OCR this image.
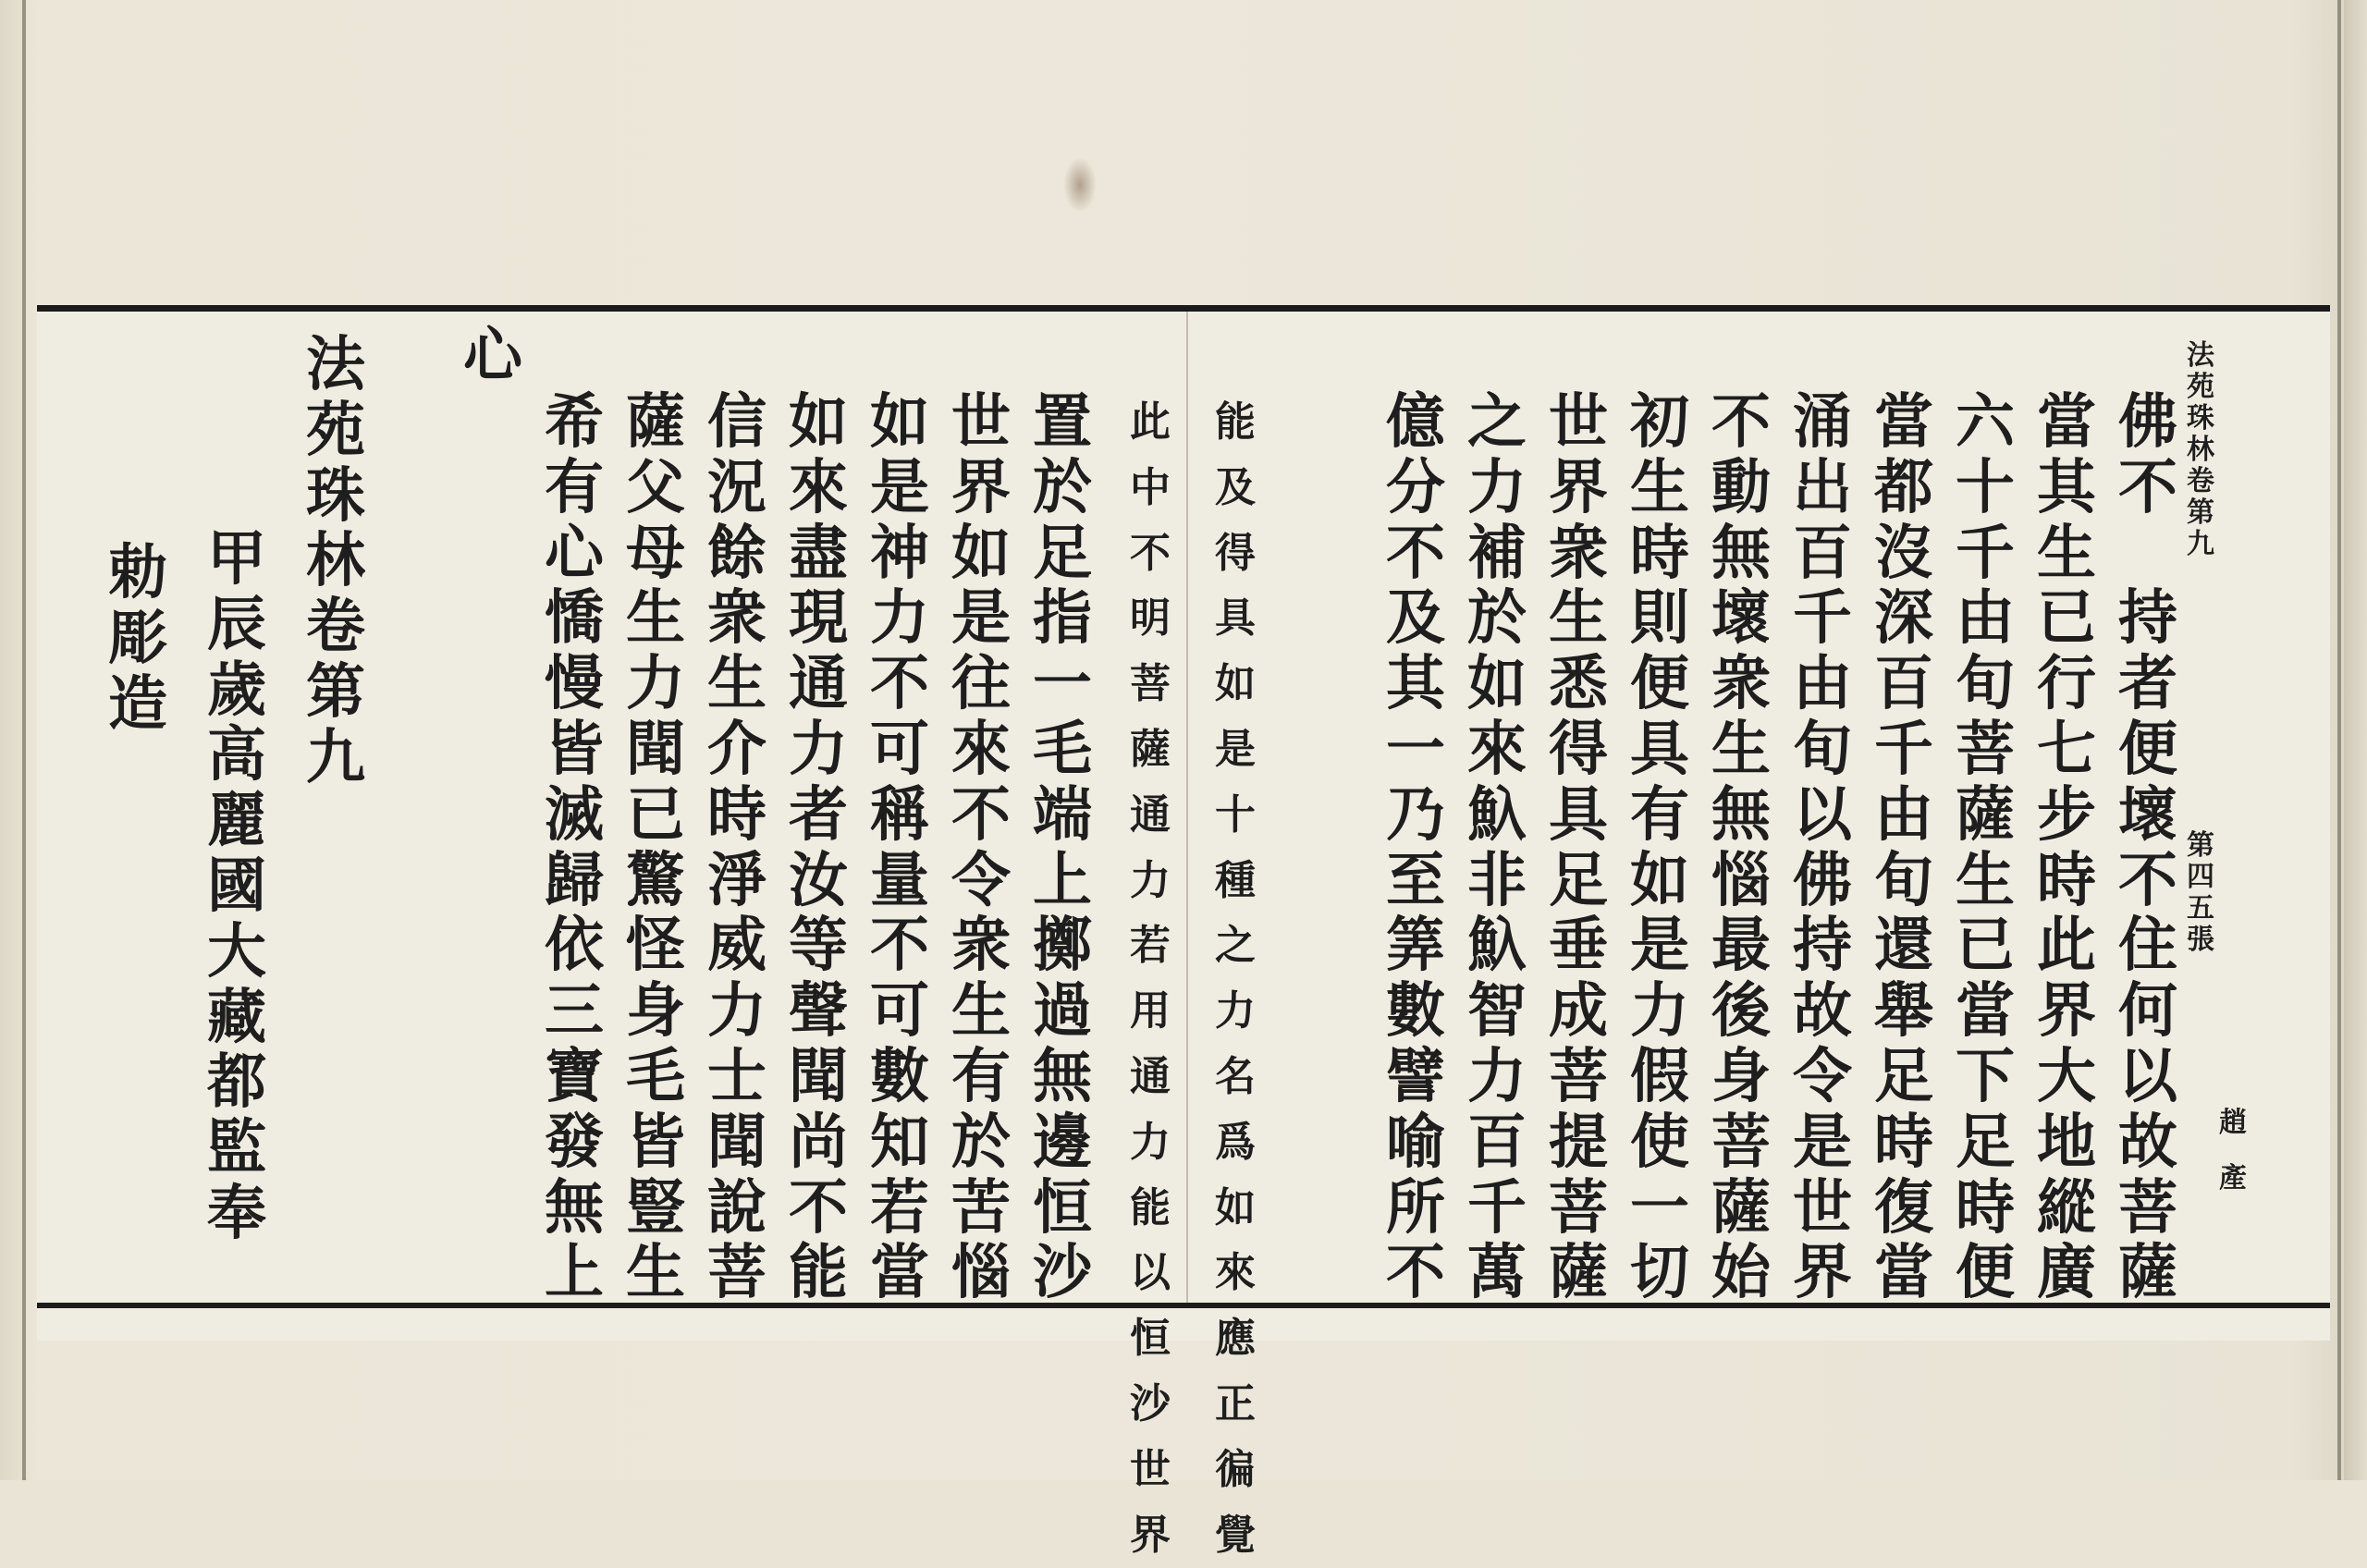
法
苑
珠
林
卷
第
九
第
四
五
張
趙

產
佛
不

持
者
便
壞
不
住
何
以
故
菩
薩
當
其
生
已
行
七
步
時
此
界
大
地
縱
廣
六
十
千
由
旬
菩
薩
生
已
當
下
足
時
便
當
都
沒
深
百
千
由
旬
還
舉
足
時
復
當
涌
出
百
千
由
旬
以
佛
持
故
令
是
世
界
不
動
無
壞
衆
生
無
惱
最
後
身
菩
薩
始
初
生
時
則
便
具
有
如
是
力
假
使
一
切
世
界
衆
生
悉
得
具
足
垂
成
菩
提
菩
薩
之
力
補
於
如
來
魞
非
魞
智
力
百
千
萬
億
分
不
及
其
一
乃
至
筭
數
譬
喻
所
不
能
及
得
具
如
是
十
種
之
力
名
爲
如
來
應
正
徧
覺
此
中
不
明
菩
薩
通
力
若
用
通
力
能
以
恒
沙
世
界
置
於
足
指
一
毛
端
上
擲
過
無
邊
恒
沙
世
界
如
是
往
來
不
令
衆
生
有
於
苦
惱
如
是
神
力
不
可
稱
量
不
可
數
知
若
當
如
來
盡
現
通
力
者
汝
等
聲
聞
尚
不
能
信
況
餘
衆
生
介
時
淨
威
力
士
聞
說
菩
薩
父
母
生
力
聞
已
驚
怪
身
毛
皆
豎
生
希
有
心
憍
慢
皆
滅
歸
依
三
寶
發
無
上
心
法
苑
珠
林
卷
第
九
甲
辰
歲
高
麗
國
大
藏
都
監
奉
勅
彫
造
